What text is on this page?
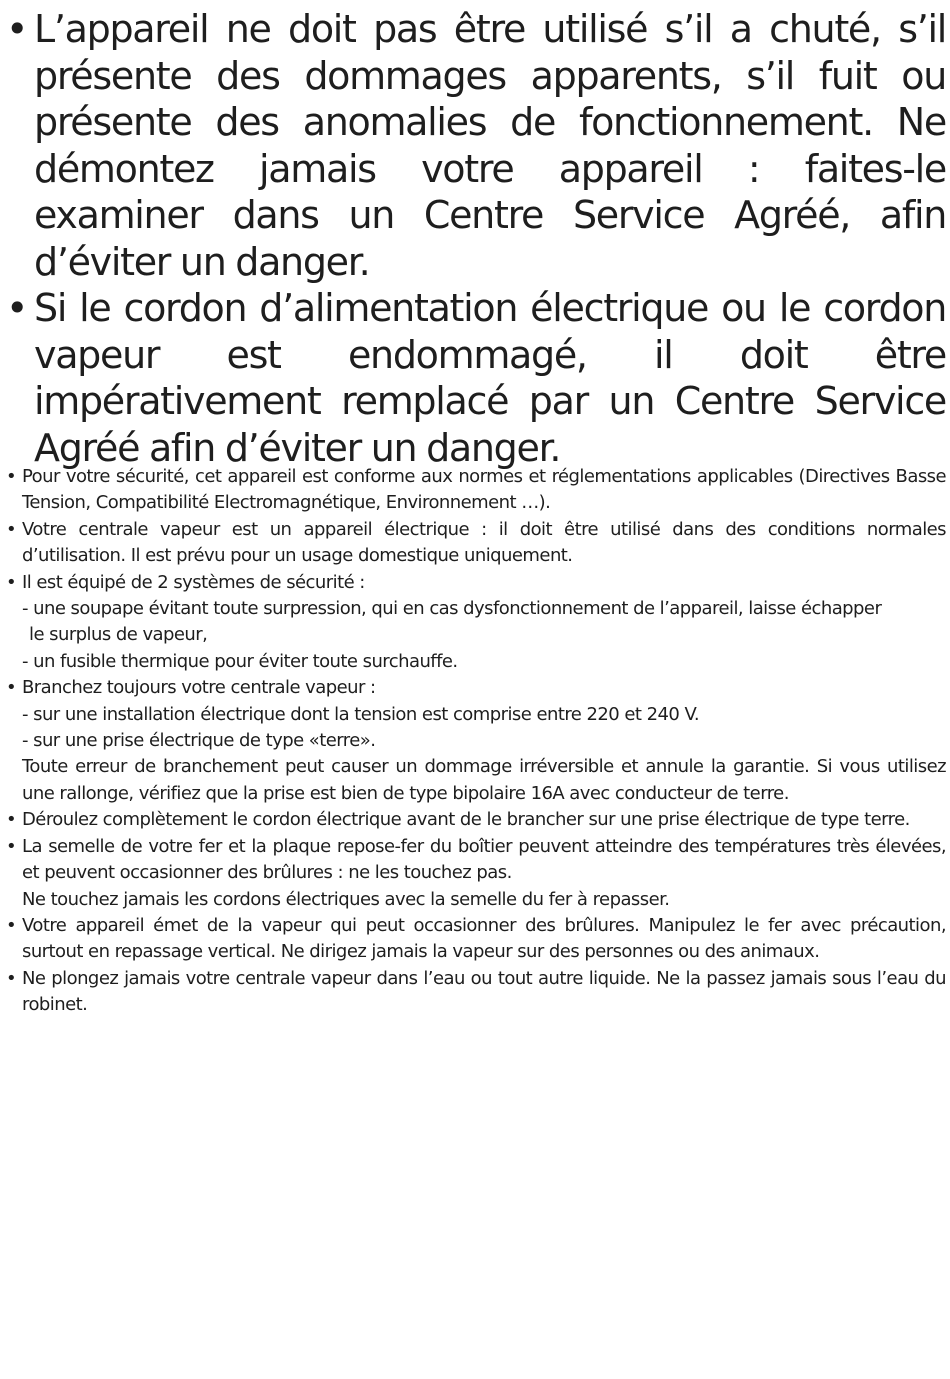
• L’appareil ne doit pas être utilisé s’il a chuté, s’il présente des dommages apparents, s’il fuit ou présente des anomalies de fonctionnement. Ne démontez jamais votre appareil : faites-le examiner dans un Centre Service Agréé, afin d’éviter un danger.
• Si le cordon d’alimentation électrique ou le cordon vapeur est endommagé, il doit être impérativement remplacé par un Centre Service Agréé afin d’éviter un danger.
• Pour votre sécurité, cet appareil est conforme aux normes et réglementations applicables (Directives Basse Tension, Compatibilité Electromagnétique, Environnement …).
• Votre centrale vapeur est un appareil électrique : il doit être utilisé dans des conditions normales d’utilisation. Il est prévu pour un usage domestique uniquement.
• Il est équipé de 2 systèmes de sécurité :
- une soupape évitant toute surpression, qui en cas dysfonctionnement de l’appareil, laisse échapper
le surplus de vapeur,
- un fusible thermique pour éviter toute surchauffe.
• Branchez toujours votre centrale vapeur :
- sur une installation électrique dont la tension est comprise entre 220 et 240 V.
- sur une prise électrique de type «terre».
Toute erreur de branchement peut causer un dommage irréversible et annule la garantie. Si vous utilisez une rallonge, vérifiez que la prise est bien de type bipolaire 16A avec conducteur de terre.
• Déroulez complètement le cordon électrique avant de le brancher sur une prise électrique de type terre.
• La semelle de votre fer et la plaque repose-fer du boîtier peuvent atteindre des températures très élevées, et peuvent occasionner des brûlures : ne les touchez pas.
Ne touchez jamais les cordons électriques avec la semelle du fer à repasser.
• Votre appareil émet de la vapeur qui peut occasionner des brûlures. Manipulez le fer avec précaution, surtout en repassage vertical. Ne dirigez jamais la vapeur sur des personnes ou des animaux.
• Ne plongez jamais votre centrale vapeur dans l’eau ou tout autre liquide. Ne la passez jamais sous l’eau du robinet.
